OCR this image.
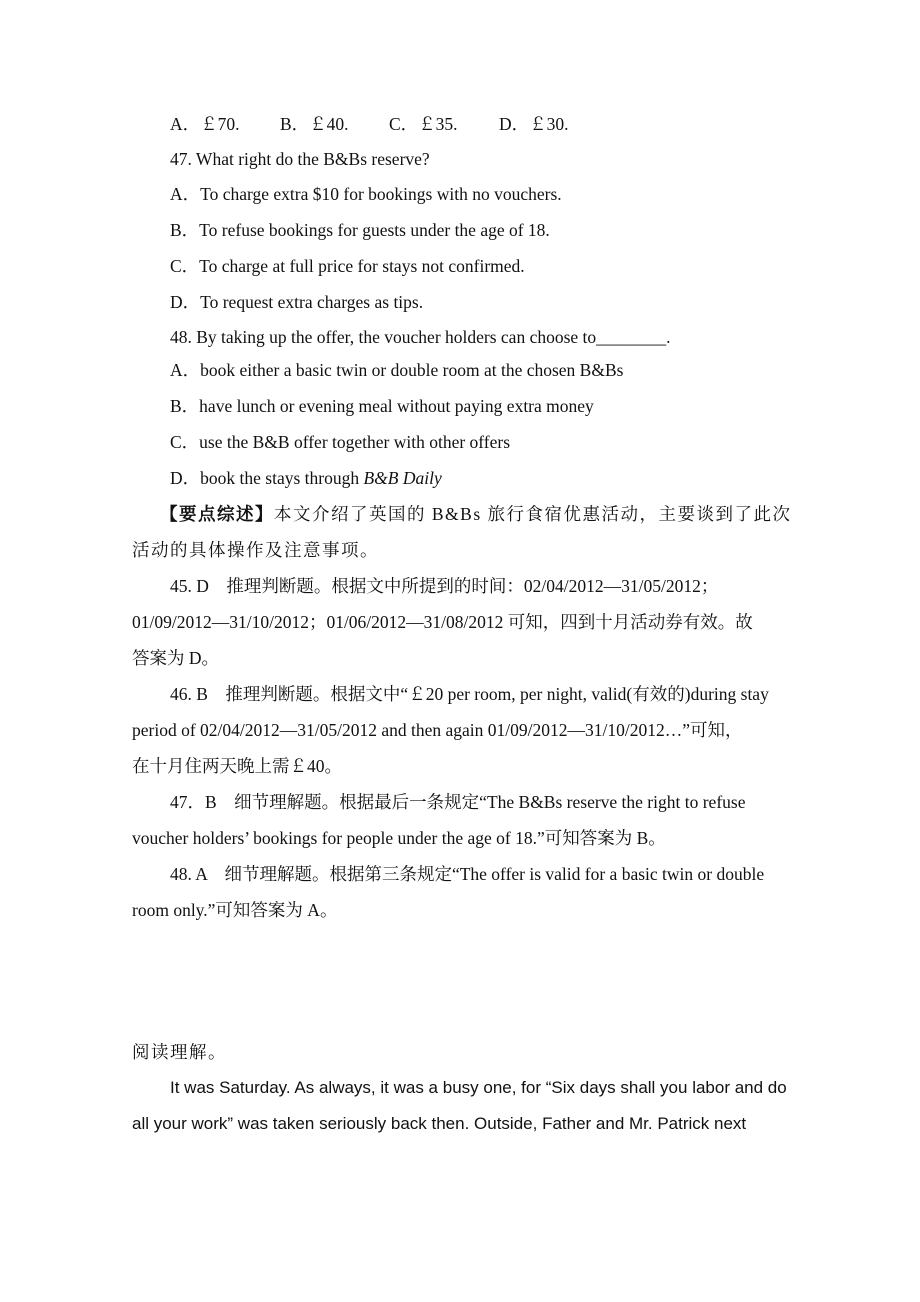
A．￡70. B．￡40. C．￡35. D．￡30.
47. What right do the B&Bs reserve?
A．To charge extra $10 for bookings with no vouchers.
B．To refuse bookings for guests under the age of 18.
C．To charge at full price for stays not confirmed.
D．To request extra charges as tips.
48. By taking up the offer, the voucher holders can choose to________.
A．book either a basic twin or double room at the chosen B&Bs
B．have lunch or evening meal without paying extra money
C．use the B&B offer together with other offers
D．book the stays through B&B Daily
【要点综述】本文介绍了英国的 B&Bs 旅行食宿优惠活动，主要谈到了此次
活动的具体操作及注意事项。
45. D　推理判断题。根据文中所提到的时间：02/04/2012—31/05/2012；
01/09/2012—31/10/2012；01/06/2012—31/08/2012 可知，四到十月活动券有效。故
答案为 D。
46. B　推理判断题。根据文中“￡20 per room, per night, valid(有效的)during stay
period of 02/04/2012—31/05/2012 and then again 01/09/2012—31/10/2012…”可知，
在十月住两天晚上需￡40。
47．B　细节理解题。根据最后一条规定“The B&Bs reserve the right to refuse
voucher holders’ bookings for people under the age of 18.”可知答案为 B。
48. A　细节理解题。根据第三条规定“The offer is valid for a basic twin or double
room only.”可知答案为 A。
阅读理解。
It was Saturday. As always, it was a busy one, for “Six days shall you labor and do
all your work” was taken seriously back then. Outside, Father and Mr. Patrick next
